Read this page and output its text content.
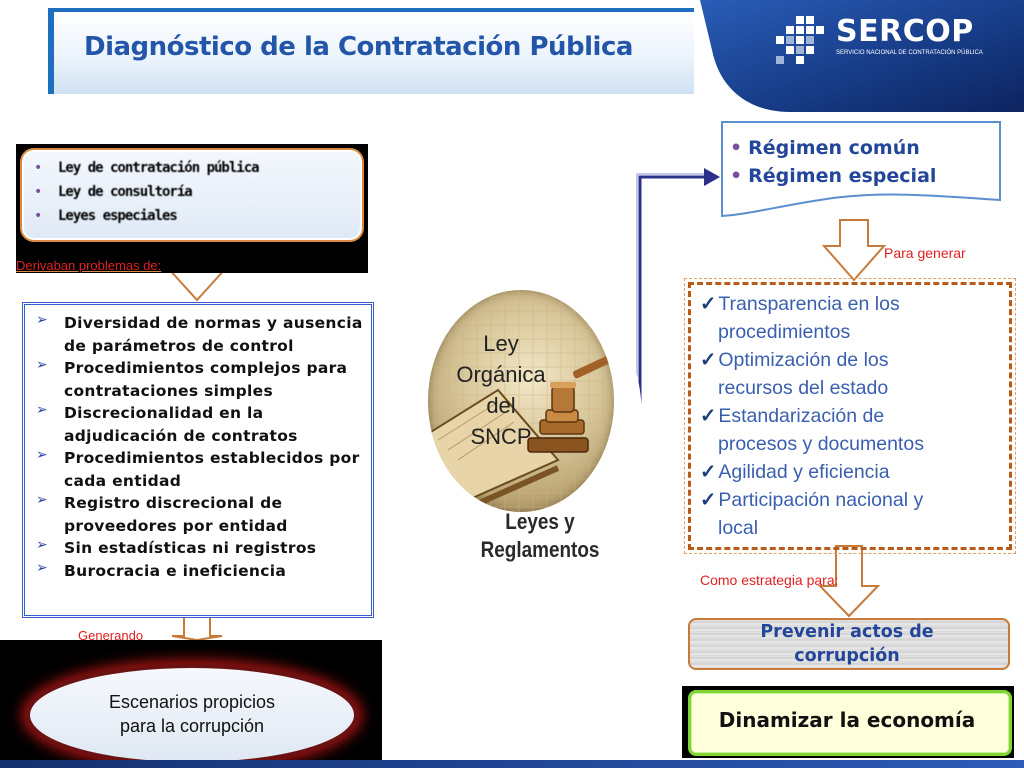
Diagnóstico de la Contratación Pública	SERCOP
SERVICIO NACIONAL DE CONTRATACIÓN PÚBLICA
• Ley de contratación pública
• Ley de consultoría
• Leyes especiales
Derivaban problemas de:
➢ Diversidad de normas y ausencia de parámetros de control
➢ Procedimientos complejos para contrataciones simples
➢ Discrecionalidad en la adjudicación de contratos
➢ Procedimientos establecidos por cada entidad
➢ Registro discrecional de proveedores por entidad
➢ Sin estadísticas ni registros
➢ Burocracia e ineficiencia
Escenarios propicios
para la corrupción
Generando
Ley
Orgánica
del
SNCP
Leyes y
Reglamentos
• Régimen común
• Régimen especial
Para generar
✓ Transparencia en los
procedimientos
✓ Optimización de los
recursos del estado
✓ Estandarización de
procesos y documentos
✓ Agilidad y eficiencia
✓ Participación nacional y
local
Como estrategia para:
Prevenir actos de
corrupción
Dinamizar la economía
